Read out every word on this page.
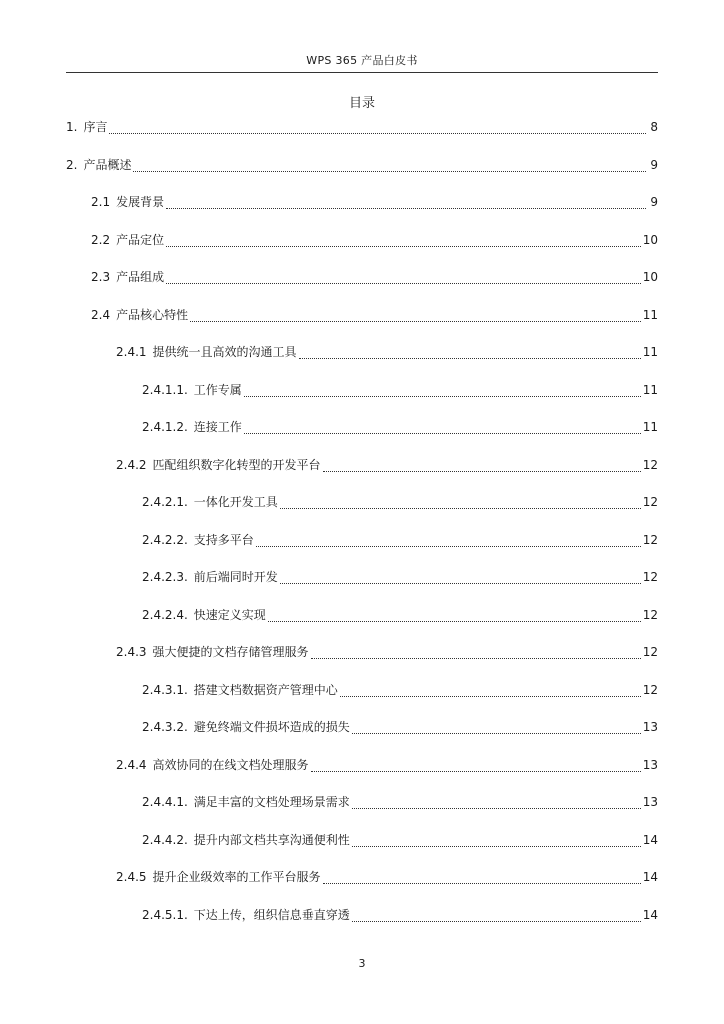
WPS 365 产品白皮书
目录
1. 序言	8
2. 产品概述	9
2.1 发展背景	9
2.2 产品定位	10
2.3 产品组成	10
2.4 产品核心特性	11
2.4.1 提供统一且高效的沟通工具	11
2.4.1.1. 工作专属	11
2.4.1.2. 连接工作	11
2.4.2 匹配组织数字化转型的开发平台	12
2.4.2.1. 一体化开发工具	12
2.4.2.2. 支持多平台	12
2.4.2.3. 前后端同时开发	12
2.4.2.4. 快速定义实现	12
2.4.3 强大便捷的文档存储管理服务	12
2.4.3.1. 搭建文档数据资产管理中心	12
2.4.3.2. 避免终端文件损坏造成的损失	13
2.4.4 高效协同的在线文档处理服务	13
2.4.4.1. 满足丰富的文档处理场景需求	13
2.4.4.2. 提升内部文档共享沟通便利性	14
2.4.5 提升企业级效率的工作平台服务	14
2.4.5.1. 下达上传，组织信息垂直穿透	14
3
